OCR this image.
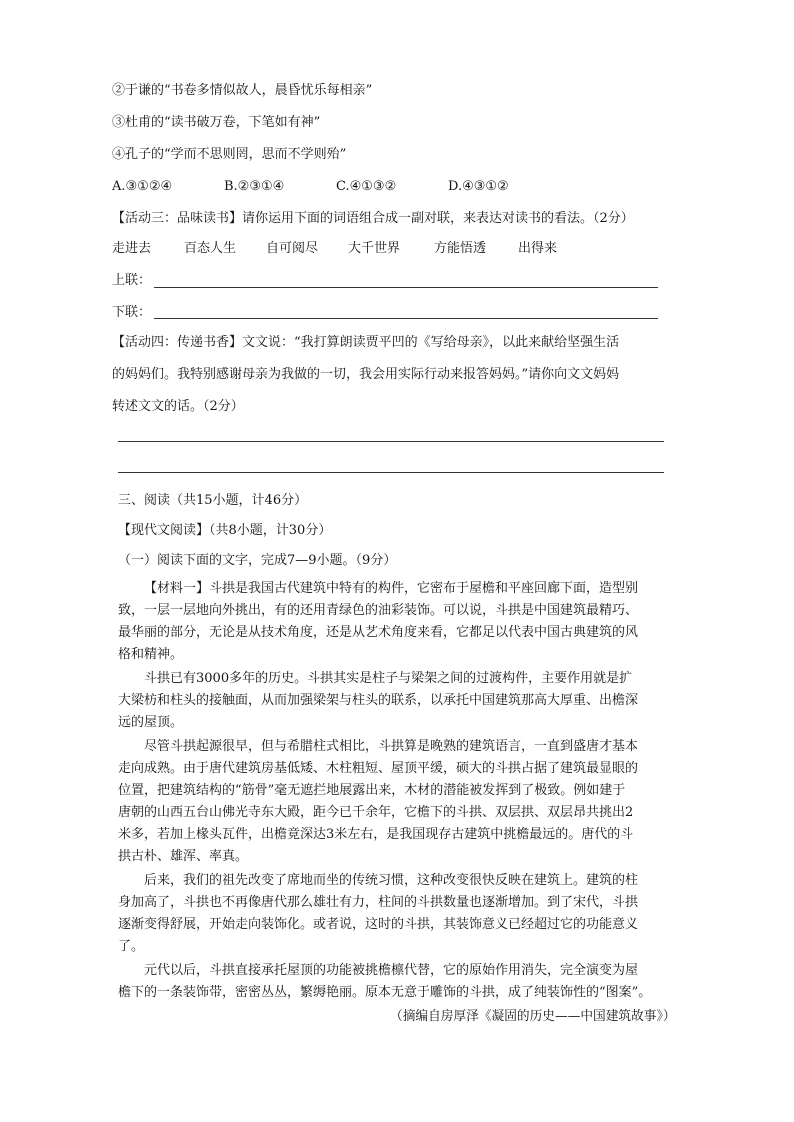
②于谦的“书卷多情似故人，晨昏忧乐每相亲”
③杜甫的“读书破万卷，下笔如有神”
④孔子的“学而不思则罔，思而不学则殆”
A.③①②④	B.②③①④	C.④①③②	D.④③①②
【活动三：品味读书】请你运用下面的词语组合成一副对联，来表达对读书的看法。（2分）
走进去	百态人生 自可阅尽 大千世界	方能悟透 出得来
上联：
下联：
【活动四：传递书香】文文说：“我打算朗读贾平凹的《写给母亲》，以此来献给坚强生活
的妈妈们。我特别感谢母亲为我做的一切，我会用实际行动来报答妈妈。”请你向文文妈妈
转述文文的话。（2分）
三、阅读（共15小题，计46分）
【现代文阅读】（共8小题，计30分）
（一）阅读下面的文字，完成7—9小题。（9分）
【材料一】斗拱是我国古代建筑中特有的构件，它密布于屋檐和平座回廊下面，造型别
致，一层一层地向外挑出，有的还用青绿色的油彩装饰。可以说，斗拱是中国建筑最精巧、
最华丽的部分，无论是从技术角度，还是从艺术角度来看，它都足以代表中国古典建筑的风
格和精神。
斗拱已有3000多年的历史。斗拱其实是柱子与梁架之间的过渡构件，主要作用就是扩
大梁枋和柱头的接触面，从而加强梁架与柱头的联系，以承托中国建筑那高大厚重、出檐深
远的屋顶。
尽管斗拱起源很早，但与希腊柱式相比，斗拱算是晚熟的建筑语言，一直到盛唐才基本
走向成熟。由于唐代建筑房基低矮、木柱粗短、屋顶平缓，硕大的斗拱占据了建筑最显眼的
位置，把建筑结构的“筋骨”毫无遮拦地展露出来，木材的潜能被发挥到了极致。例如建于
唐朝的山西五台山佛光寺东大殿，距今已千余年，它檐下的斗拱、双层拱、双层昂共挑出2
米多，若加上椽头瓦件，出檐竟深达3米左右，是我国现存古建筑中挑檐最远的。唐代的斗
拱古朴、雄浑、率真。
后来，我们的祖先改变了席地而坐的传统习惯，这种改变很快反映在建筑上。建筑的柱
身加高了，斗拱也不再像唐代那么雄壮有力，柱间的斗拱数量也逐渐增加。到了宋代，斗拱
逐渐变得舒展，开始走向装饰化。或者说，这时的斗拱，其装饰意义已经超过它的功能意义
了。
元代以后，斗拱直接承托屋顶的功能被挑檐檩代替，它的原始作用消失，完全演变为屋
檐下的一条装饰带，密密丛丛，繁缛艳丽。原本无意于雕饰的斗拱，成了纯装饰性的“图案”。
（摘编自房厚泽《凝固的历史——中国建筑故事》）
